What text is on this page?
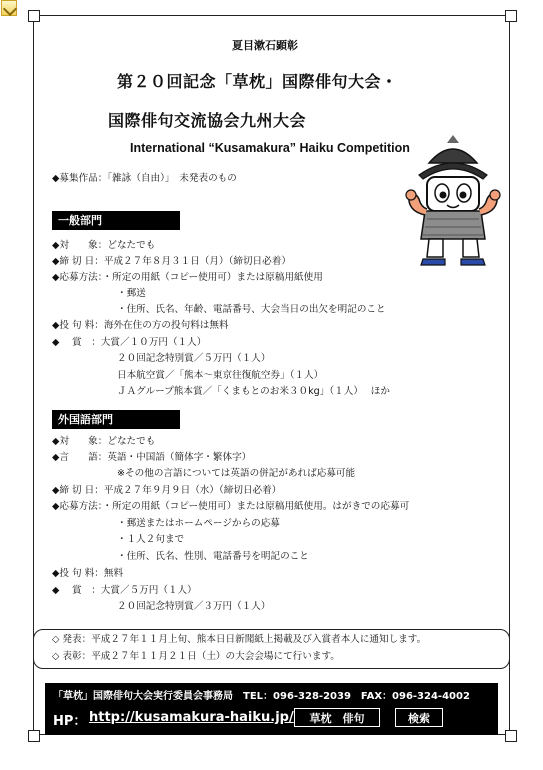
夏目漱石顕彰
第２０回記念「草枕」国際俳句大会・
国際俳句交流協会九州大会
International “Kusamakura” Haiku Competition
◆募集作品：「雑詠（自由）」　未発表のもの
一般部門
◆対　　象：どなたでも
◆締 切 日：平成２７年８月３１日（月）（締切日必着）
◆応募方法：・所定の用紙（コピー使用可）または原稿用紙使用
・郵送
・住所、氏名、年齢、電話番号、大会当日の出欠を明記のこと
◆投 句 料：海外在住の方の投句料は無料
◆　 賞　：大賞／１０万円（１人）
２０回記念特別賞／５万円（１人）
日本航空賞／「熊本～東京往復航空券」（１人）
ＪＡグループ熊本賞／「くまもとのお米３０kg」（１人）　 ほか
外国語部門
◆対　　象：どなたでも
◆言　　語：英語・中国語（簡体字・繁体字）
※その他の言語については英語の併記があれば応募可能
◆締 切 日：平成２７年９月９日（水）（締切日必着）
◆応募方法：・所定の用紙（コピー使用可）または原稿用紙使用。はがきでの応募可
・郵送またはホームページからの応募
・１人２句まで
・住所、氏名、性別、電話番号を明記のこと
◆投 句 料：無料
◆　 賞　：大賞／５万円（１人）
２０回記念特別賞／３万円（１人）
◇ 発表：平成２７年１１月上旬、熊本日日新聞紙上掲載及び入賞者本人に通知します。
◇ 表彰：平成２７年１１月２１日（土）の大会会場にて行います。
「草枕」国際俳句大会実行委員会事務局　TEL：096-328-2039　FAX：096-324-4002
HP： http://kusamakura-haiku.jp/	草枕　俳句	検索
